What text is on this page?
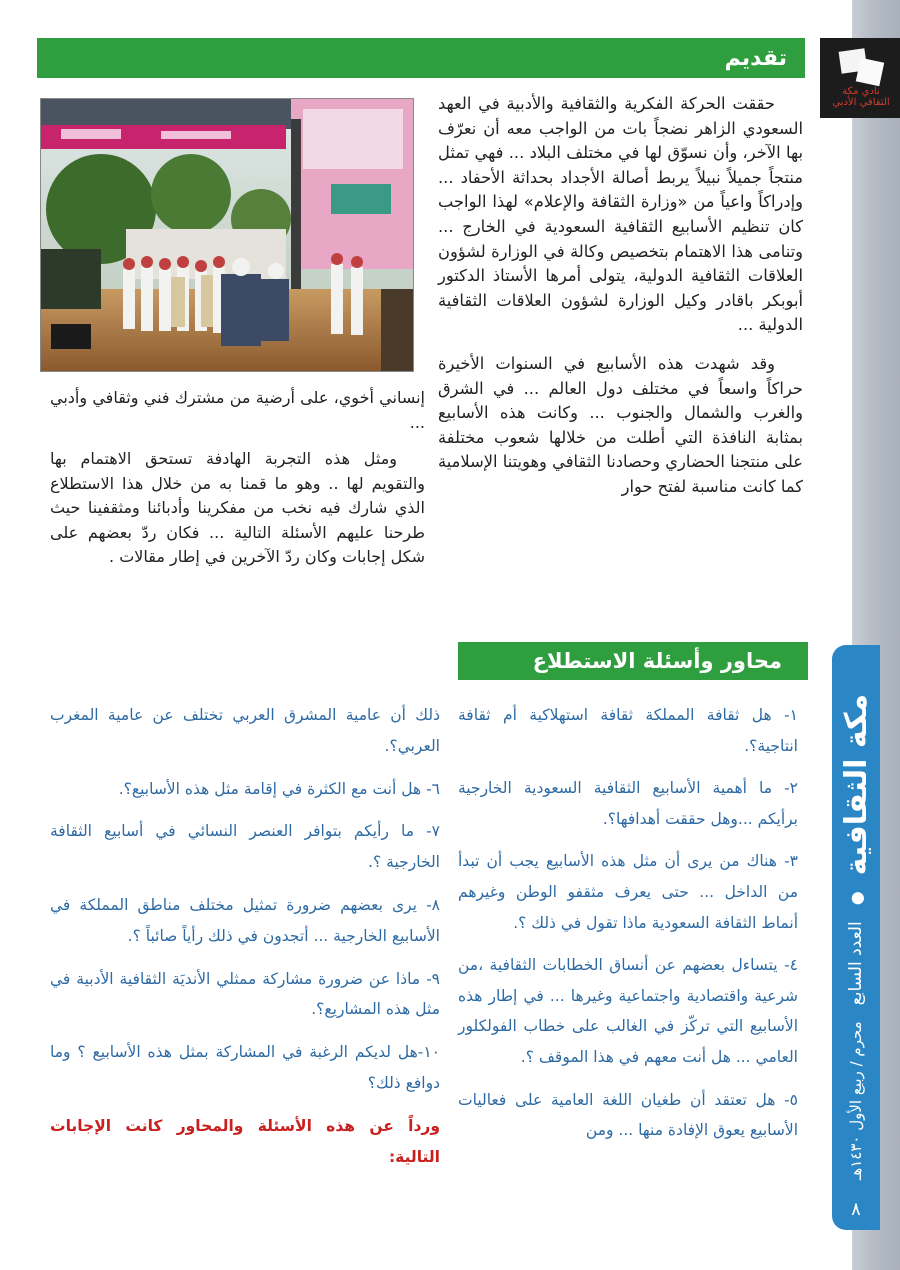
نادي مكة الثقافي الأدبي
تقديم

حققت الحركة الفكرية والثقافية والأدبية في العهد السعودي الزاهر نضجاً بات من الواجب معه أن نعرّف بها الآخر، وأن نسوّق لها في مختلف البلاد ... فهي تمثل منتجاً جميلاً نبيلاً يربط أصالة الأجداد بحداثة الأحفاد ... وإدراكاً واعياً من «وزارة الثقافة والإعلام» لهذا الواجب كان تنظيم الأسابيع الثقافية السعودية في الخارج ... وتنامى هذا الاهتمام بتخصيص وكالة في الوزارة لشؤون العلاقات الثقافية الدولية، يتولى أمرها الأستاذ الدكتور أبوبكر باقادر وكيل الوزارة لشؤون العلاقات الثقافية الدولية ...

وقد شهدت هذه الأسابيع في السنوات الأخيرة حراكاً واسعاً في مختلف دول العالم ... في الشرق والغرب والشمال والجنوب ... وكانت هذه الأسابيع بمثابة النافذة التي أطلت من خلالها شعوب مختلفة على منتجنا الحضاري وحصادنا الثقافي وهويتنا الإسلامية كما كانت مناسبة لفتح حوار

إنساني أخوي، على أرضية من مشترك فني وثقافي وأدبي ...

ومثل هذه التجربة الهادفة تستحق الاهتمام بها والتقويم لها .. وهو ما قمنا به من خلال هذا الاستطلاع الذي شارك فيه نخب من مفكرينا وأدبائنا ومثقفينا حيث طرحنا عليهم الأسئلة التالية ... فكان ردّ بعضهم على شكل إجابات وكان ردّ الآخرين في إطار مقالات .

محاور وأسئلة الاستطلاع

١- هل ثقافة المملكة ثقافة استهلاكية أم ثقافة انتاجية؟.

٢- ما أهمية الأسابيع الثقافية السعودية الخارجية برأيكم ...وهل حققت أهدافها؟.

٣- هناك من يرى أن مثل هذه الأسابيع يجب أن تبدأ من الداخل ... حتى يعرف مثقفو الوطن وغيرهم أنماط الثقافة السعودية ماذا تقول في ذلك ؟.

٤- يتساءل بعضهم عن أنساق الخطابات الثقافية ،من شرعية واقتصادية واجتماعية وغيرها ... في إطار هذه الأسابيع التي تركّز في الغالب على خطاب الفولكلور العامي ... هل أنت معهم في هذا الموقف ؟.

٥- هل تعتقد أن طغيان اللغة العامية على فعاليات الأسابيع يعوق الإفادة منها ... ومن

ذلك أن عامية المشرق العربي تختلف عن عامية المغرب العربي؟.

٦- هل أنت مع الكثرة في إقامة مثل هذه الأسابيع؟.

٧- ما رأيكم بتوافر العنصر النسائي في أسابيع الثقافة الخارجية ؟.

٨- يرى بعضهم ضرورة تمثيل مختلف مناطق المملكة في الأسابيع الخارجية ... أتجدون في ذلك رأياً صائباً ؟.

٩- ماذا عن ضرورة مشاركة ممثلي الأنديَة الثقافية الأدبية في مثل هذه المشاريع؟.

١٠-هل لديكم الرغبة في المشاركة بمثل هذه الأسابيع ؟ وما دوافع ذلك؟

ورداً عن هذه الأسئلة والمحاور كانت الإجابات التالية:

مكة الثقافية
●
العدد السابع
محرم / ربيع الأول ١٤٣٠هـ
٨
